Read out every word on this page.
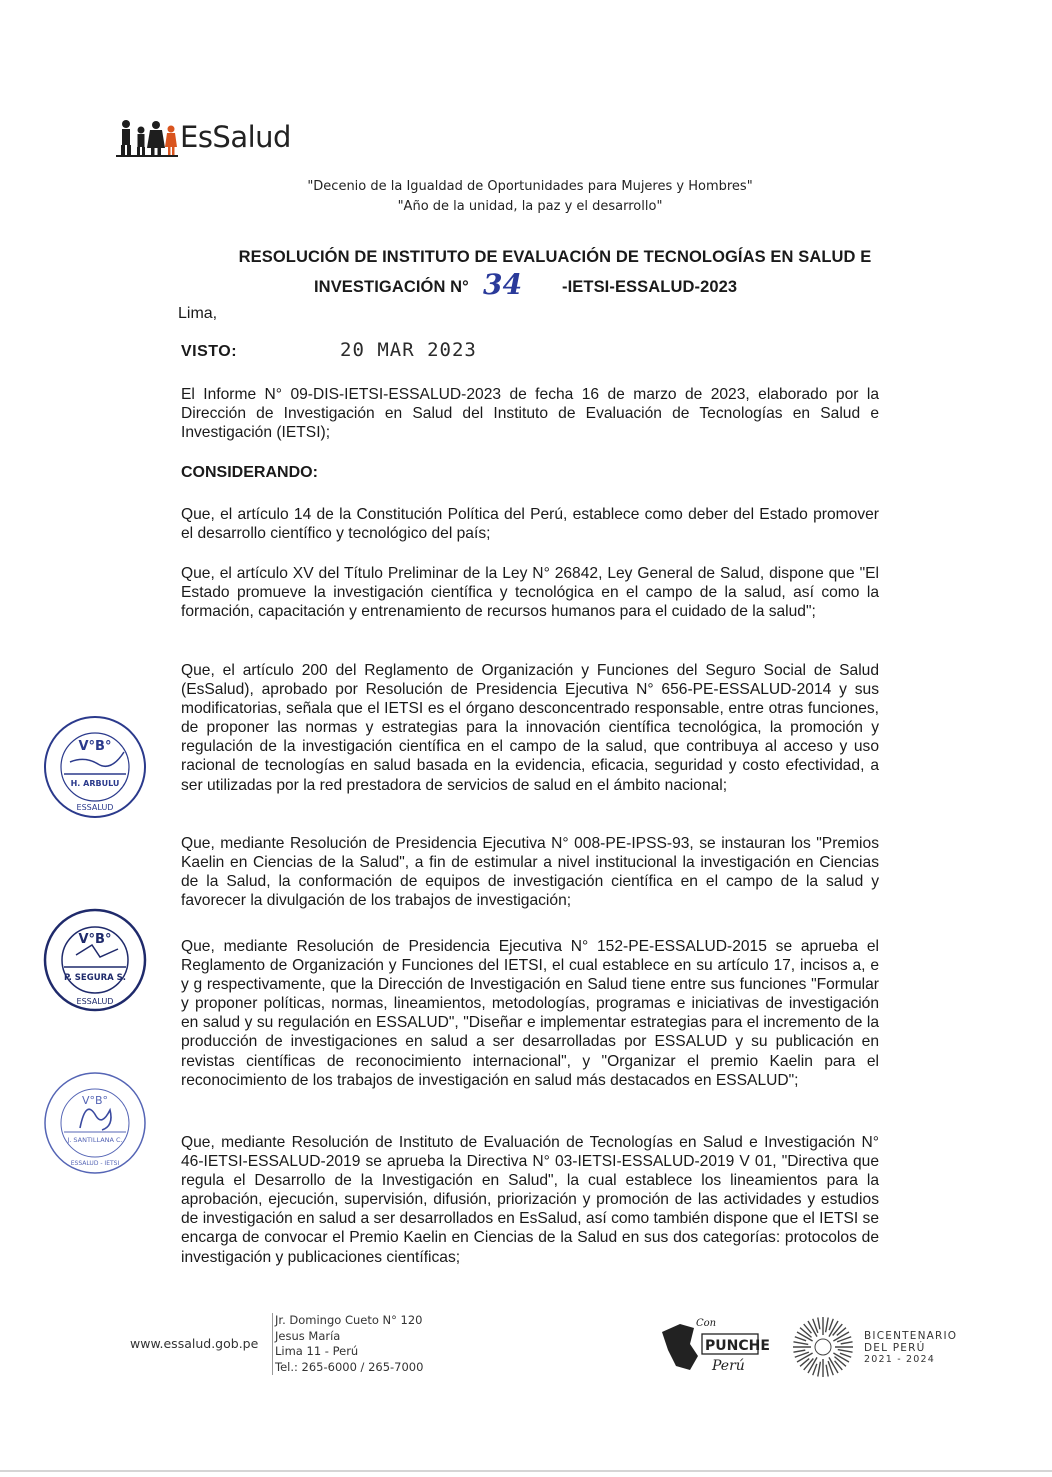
EsSalud
"Decenio de la Igualdad de Oportunidades para Mujeres y Hombres"
"Año de la unidad, la paz y el desarrollo"
RESOLUCIÓN DE INSTITUTO DE EVALUACIÓN DE TECNOLOGÍAS EN SALUD E
INVESTIGACIÓN N° 34 -IETSI-ESSALUD-2023
Lima,
VISTO:	20 MAR 2023

El Informe N° 09-DIS-IETSI-ESSALUD-2023 de fecha 16 de marzo de 2023, elaborado por la Dirección de Investigación en Salud del Instituto de Evaluación de Tecnologías en Salud e Investigación (IETSI);

CONSIDERANDO:

Que, el artículo 14 de la Constitución Política del Perú, establece como deber del Estado promover el desarrollo científico y tecnológico del país;

Que, el artículo XV del Título Preliminar de la Ley N° 26842, Ley General de Salud, dispone que "El Estado promueve la investigación científica y tecnológica en el campo de la salud, así como la formación, capacitación y entrenamiento de recursos humanos para el cuidado de la salud";

Que, el artículo 200 del Reglamento de Organización y Funciones del Seguro Social de Salud (EsSalud), aprobado por Resolución de Presidencia Ejecutiva N° 656-PE-ESSALUD-2014 y sus modificatorias, señala que el IETSI es el órgano desconcentrado responsable, entre otras funciones, de proponer las normas y estrategias para la innovación científica tecnológica, la promoción y regulación de la investigación científica en el campo de la salud, que contribuya al acceso y uso racional de tecnologías en salud basada en la evidencia, eficacia, seguridad y costo efectividad, a ser utilizadas por la red prestadora de servicios de salud en el ámbito nacional;

Que, mediante Resolución de Presidencia Ejecutiva N° 008-PE-IPSS-93, se instauran los "Premios Kaelin en Ciencias de la Salud", a fin de estimular a nivel institucional la investigación en Ciencias de la Salud, la conformación de equipos de investigación científica en el campo de la salud y favorecer la divulgación de los trabajos de investigación;

Que, mediante Resolución de Presidencia Ejecutiva N° 152-PE-ESSALUD-2015 se aprueba el Reglamento de Organización y Funciones del IETSI, el cual establece en su artículo 17, incisos a, e y g respectivamente, que la Dirección de Investigación en Salud tiene entre sus funciones "Formular y proponer políticas, normas, lineamientos, metodologías, programas e iniciativas de investigación en salud y su regulación en ESSALUD", "Diseñar e implementar estrategias para el incremento de la producción de investigaciones en salud a ser desarrolladas por ESSALUD y su publicación en revistas científicas de reconocimiento internacional", y "Organizar el premio Kaelin para el reconocimiento de los trabajos de investigación en salud más destacados en ESSALUD";

Que, mediante Resolución de Instituto de Evaluación de Tecnologías en Salud e Investigación N° 46-IETSI-ESSALUD-2019 se aprueba la Directiva N° 03-IETSI-ESSALUD-2019 V 01, "Directiva que regula el Desarrollo de la Investigación en Salud", la cual establece los lineamientos para la aprobación, ejecución, supervisión, difusión, priorización y promoción de las actividades y estudios de investigación en salud a ser desarrollados en EsSalud, así como también dispone que el IETSI se encarga de convocar el Premio Kaelin en Ciencias de la Salud en sus dos categorías: protocolos de investigación y publicaciones científicas;

V°B°
H. ARBULU
ESSALUD
V°B°
P. SEGURA S.
ESSALUD
V°B°
J. SANTILLANA C.
ESSALUD - IETSI
www.essalud.gob.pe
Jr. Domingo Cueto N° 120
Jesus María
Lima 11 - Perú
Tel.: 265-6000 / 265-7000
Con
PUNCHE
Perú
BICENTENARIO
DEL PERÚ
2021 - 2024
